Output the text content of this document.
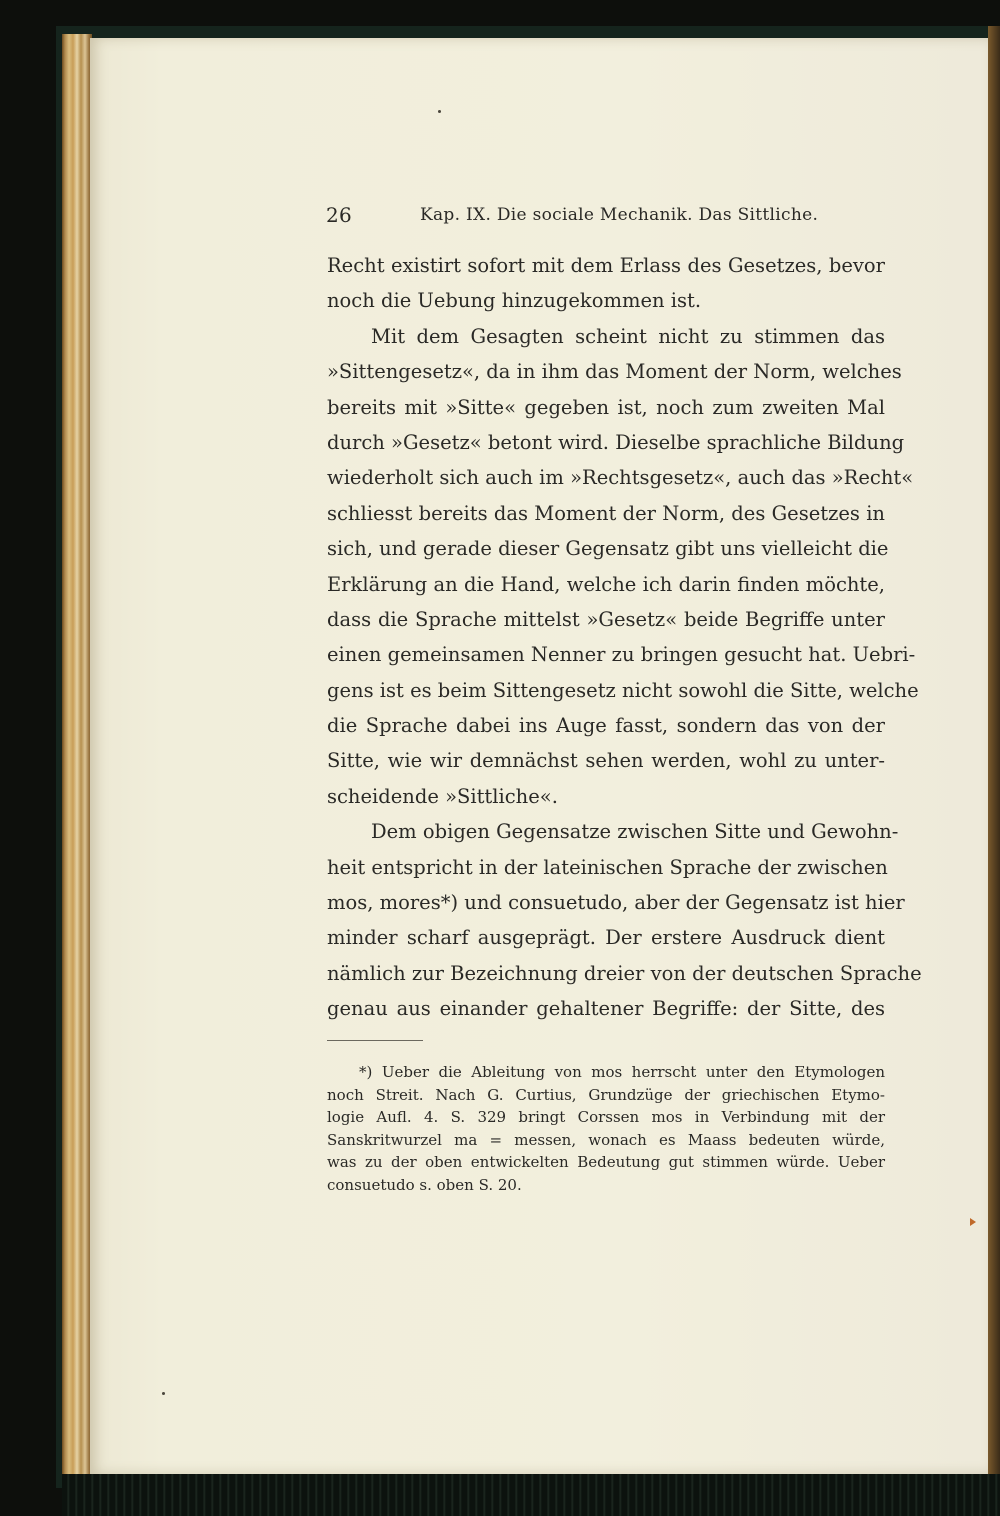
26	Kap. IX. Die sociale Mechanik. Das Sittliche.
Recht existirt sofort mit dem Erlass des Gesetzes, bevor
noch die Uebung hinzugekommen ist.
Mit dem Gesagten scheint nicht zu stimmen das
»Sittengesetz«, da in ihm das Moment der Norm, welches
bereits mit »Sitte« gegeben ist, noch zum zweiten Mal
durch »Gesetz« betont wird. Dieselbe sprachliche Bildung
wiederholt sich auch im »Rechtsgesetz«, auch das »Recht«
schliesst bereits das Moment der Norm, des Gesetzes in
sich, und gerade dieser Gegensatz gibt uns vielleicht die
Erklärung an die Hand, welche ich darin finden möchte,
dass die Sprache mittelst »Gesetz« beide Begriffe unter
einen gemeinsamen Nenner zu bringen gesucht hat. Uebri-
gens ist es beim Sittengesetz nicht sowohl die Sitte, welche
die Sprache dabei ins Auge fasst, sondern das von der
Sitte, wie wir demnächst sehen werden, wohl zu unter-
scheidende »Sittliche«.
Dem obigen Gegensatze zwischen Sitte und Gewohn-
heit entspricht in der lateinischen Sprache der zwischen
mos, mores*) und consuetudo, aber der Gegensatz ist hier
minder scharf ausgeprägt. Der erstere Ausdruck dient
nämlich zur Bezeichnung dreier von der deutschen Sprache
genau aus einander gehaltener Begriffe: der Sitte, des
*) Ueber die Ableitung von mos herrscht unter den Etymologen
noch Streit. Nach G. Curtius, Grundzüge der griechischen Etymo-
logie Aufl. 4. S. 329 bringt Corssen mos in Verbindung mit der
Sanskritwurzel ma = messen, wonach es Maass bedeuten würde,
was zu der oben entwickelten Bedeutung gut stimmen würde. Ueber
consuetudo s. oben S. 20.
